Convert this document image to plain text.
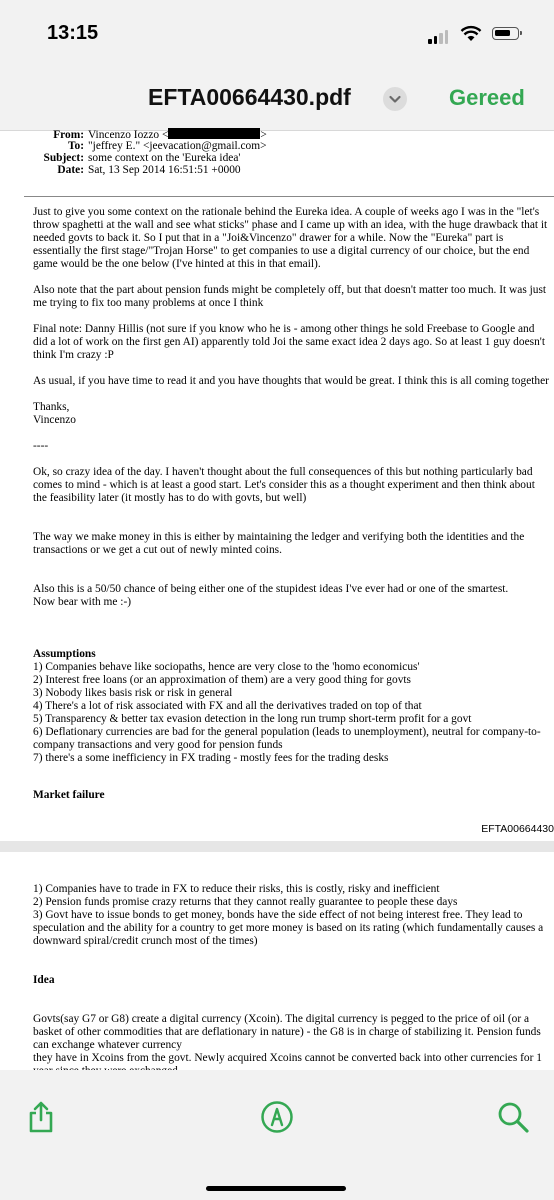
13:15
EFTA00664430.pdf	Gereed
From: Vincenzo Iozzo <	>
To: "jeffrey E." <jeevacation@gmail.com>
Subject: some context on the 'Eureka idea'
Date: Sat, 13 Sep 2014 16:51:51 +0000

Just to give you some context on the rationale behind the Eureka idea. A couple of weeks ago I was in the "let's throw spaghetti at the wall and see what sticks" phase and I came up with an idea, with the huge drawback that it needed govts to back it. So I put that in a "Joi&Vincenzo" drawer for a while. Now the "Eureka" part is essentially the first stage/"Trojan Horse" to get companies to use a digital currency of our choice, but the end game would be the one below (I've hinted at this in that email).

Also note that the part about pension funds might be completely off, but that doesn't matter too much. It was just me trying to fix too many problems at once I think

Final note: Danny Hillis (not sure if you know who he is - among other things he sold Freebase to Google and did a lot of work on the first gen AI) apparently told Joi the same exact idea 2 days ago. So at least 1 guy doesn't think I'm crazy :P

As usual, if you have time to read it and you have thoughts that would be great. I think this is all coming together

Thanks,
Vincenzo
----

Ok, so crazy idea of the day. I haven't thought about the full consequences of this but nothing particularly bad comes to mind - which is at least a good start. Let's consider this as a thought experiment and then think about the feasibility later (it mostly has to do with govts, but well)

The way we make money in this is either by maintaining the ledger and verifying both the identities and the transactions or we get a cut out of newly minted coins.

Also this is a 50/50 chance of being either one of the stupidest ideas I've ever had or one of the smartest.
Now bear with me :-)
Assumptions
1) Companies behave like sociopaths, hence are very close to the 'homo economicus'
2) Interest free loans (or an approximation of them) are a very good thing for govts
3) Nobody likes basis risk or risk in general
4) There's a lot of risk associated with FX and all the derivatives traded on top of that
5) Transparency & better tax evasion detection in the long run trump short-term profit for a govt
6) Deflationary currencies are bad for the general population (leads to unemployment), neutral for company-to-company transactions and very good for pension funds
7) there's a some inefficiency in FX trading - mostly fees for the trading desks
Market failure
EFTA00664430
1) Companies have to trade in FX to reduce their risks, this is costly, risky and inefficient
2) Pension funds promise crazy returns that they cannot really guarantee to people these days
3) Govt have to issue bonds to get money, bonds have the side effect of not being interest free. They lead to speculation and the ability for a country to get more money is based on its rating (which fundamentally causes a downward spiral/credit crunch most of the times)
Idea
Govts(say G7 or G8) create a digital currency (Xcoin). The digital currency is pegged to the price of oil (or a basket of other commodities that are deflationary in nature) - the G8 is in charge of stabilizing it. Pension funds can exchange whatever currency
they have in Xcoins from the govt. Newly acquired Xcoins cannot be converted back into other currencies for 1
